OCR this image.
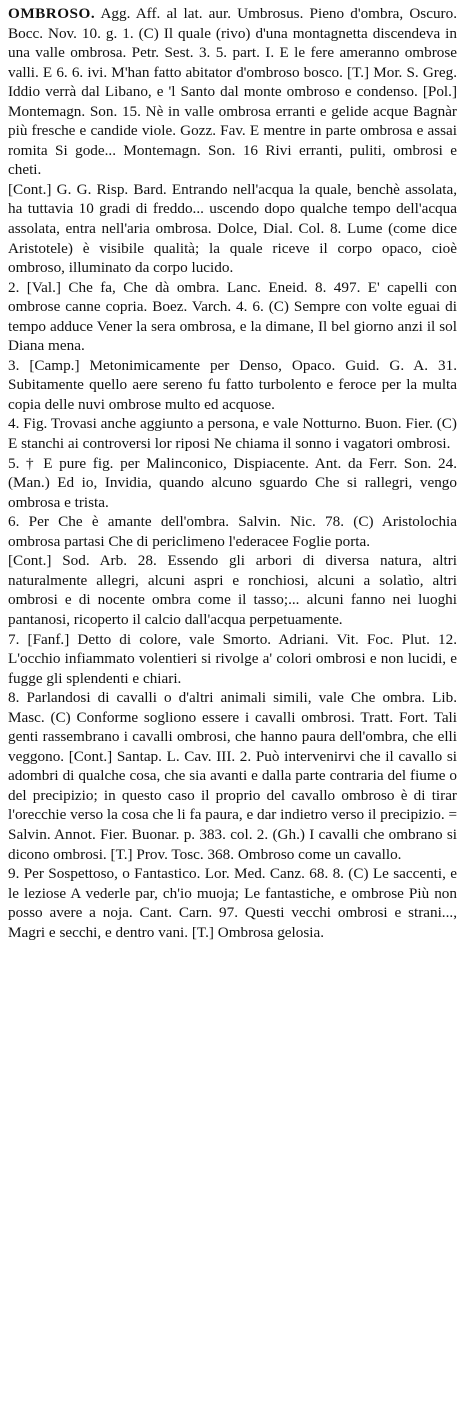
OMBROSO. Agg. Aff. al lat. aur. Umbrosus. Pieno d'ombra, Oscuro. Bocc. Nov. 10. g. 1. (C) Il quale (rivo) d'una montagnetta discendeva in una valle ombrosa. Petr. Sest. 3. 5. part. I. E le fere ameranno ombrose valli. E 6. 6. ivi. M'han fatto abitator d'ombroso bosco. [T.] Mor. S. Greg. Iddio verrà dal Libano, e 'l Santo dal monte ombroso e condenso. [Pol.] Montemagn. Son. 15. Nè in valle ombrosa erranti e gelide acque Bagnàr più fresche e candide viole. Gozz. Fav. E mentre in parte ombrosa e assai romita Si gode... Montemagn. Son. 16 Rivi erranti, puliti, ombrosi e cheti.

[Cont.] G. G. Risp. Bard. Entrando nell'acqua la quale, benchè assolata, ha tuttavia 10 gradi di freddo... uscendo dopo qualche tempo dell'acqua assolata, entra nell'aria ombrosa. Dolce, Dial. Col. 8. Lume (come dice Aristotele) è visibile qualità; la quale riceve il corpo opaco, cioè ombroso, illuminato da corpo lucido.

2. [Val.] Che fa, Che dà ombra. Lanc. Eneid. 8. 497. E' capelli con ombrose canne copria. Boez. Varch. 4. 6. (C) Sempre con volte eguai di tempo adduce Vener la sera ombrosa, e la dimane, Il bel giorno anzi il sol Diana mena.

3. [Camp.] Metonimicamente per Denso, Opaco. Guid. G. A. 31. Subitamente quello aere sereno fu fatto turbolento e feroce per la multa copia delle nuvi ombrose multo ed acquose.

4. Fig. Trovasi anche aggiunto a persona, e vale Notturno. Buon. Fier. (C) E stanchi ai controversi lor riposi Ne chiama il sonno i vagatori ombrosi.

5. † E pure fig. per Malinconico, Dispiacente. Ant. da Ferr. Son. 24. (Man.) Ed io, Invidia, quando alcuno sguardo Che si rallegri, vengo ombrosa e trista.

6. Per Che è amante dell'ombra. Salvin. Nic. 78. (C) Aristolochia ombrosa partasi Che di periclimeno l'ederacee Foglie porta.

[Cont.] Sod. Arb. 28. Essendo gli arbori di diversa natura, altri naturalmente allegri, alcuni aspri e ronchiosi, alcuni a solatìo, altri ombrosi e di nocente ombra come il tasso;... alcuni fanno nei luoghi pantanosi, ricoperto il calcio dall'acqua perpetuamente.

7. [Fanf.] Detto di colore, vale Smorto. Adriani. Vit. Foc. Plut. 12. L'occhio infiammato volentieri si rivolge a' colori ombrosi e non lucidi, e fugge gli splendenti e chiari.

8. Parlandosi di cavalli o d'altri animali simili, vale Che ombra. Lib. Masc. (C) Conforme sogliono essere i cavalli ombrosi. Tratt. Fort. Tali genti rassembrano i cavalli ombrosi, che hanno paura dell'ombra, che elli veggono. [Cont.] Santap. L. Cav. III. 2. Può intervenirvi che il cavallo si adombri di qualche cosa, che sia avanti e dalla parte contraria del fiume o del precipizio; in questo caso il proprio del cavallo ombroso è di tirar l'orecchie verso la cosa che li fa paura, e dar indietro verso il precipizio. = Salvin. Annot. Fier. Buonar. p. 383. col. 2. (Gh.) I cavalli che ombrano si dicono ombrosi. [T.] Prov. Tosc. 368. Ombroso come un cavallo.

9. Per Sospettoso, o Fantastico. Lor. Med. Canz. 68. 8. (C) Le saccenti, e le leziose A vederle par, ch'io muoja; Le fantastiche, e ombrose Più non posso avere a noja. Cant. Carn. 97. Questi vecchi ombrosi e strani..., Magri e secchi, e dentro vani. [T.] Ombrosa gelosia.
